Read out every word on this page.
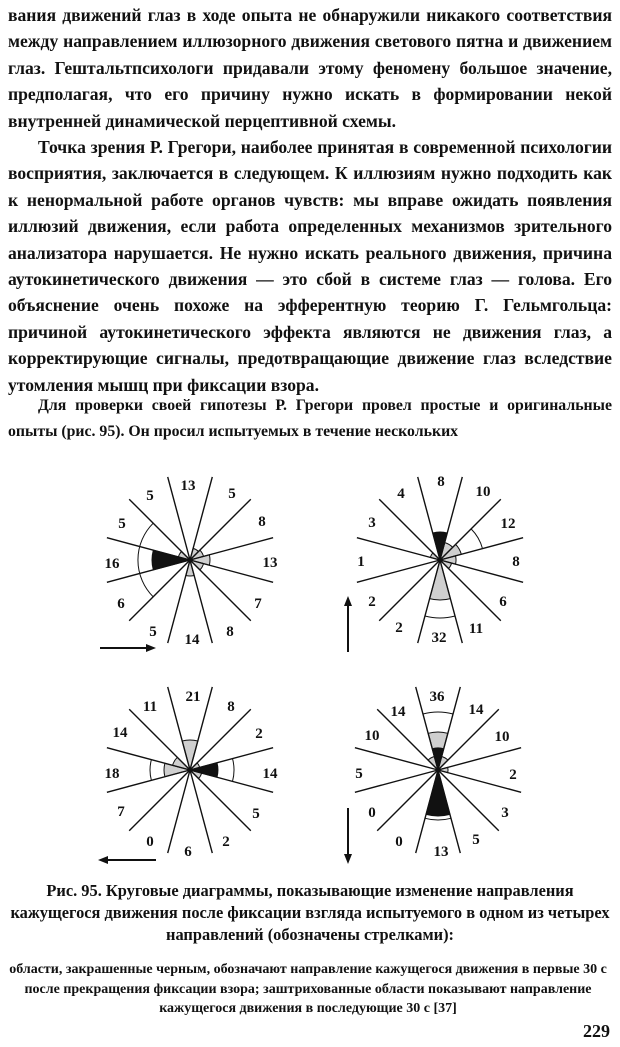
вания движений глаз в ходе опыта не обнаружили никакого соответствия между направлением иллюзорного движения светового пятна и движением глаз. Гештальтпсихологи придавали этому феномену большое значение, предполагая, что его причину нужно искать в формировании некой внутренней динамической перцептивной схемы.

Точка зрения Р. Грегори, наиболее принятая в современной психологии восприятия, заключается в следующем. К иллюзиям нужно подходить как к ненормальной работе органов чувств: мы вправе ожидать появления иллюзий движения, если работа определенных механизмов зрительного анализатора нарушается. Не нужно искать реального движения, причина аутокинетического движения — это сбой в системе глаз — голова. Его объяснение очень похоже на эфферентную теорию Г. Гельмгольца: причиной аутокинетического эффекта являются не движения глаз, а корректирующие сигналы, предотвращающие движение глаз вследствие утомления мышц при фиксации взора.

Для проверки своей гипотезы Р. Грегори провел простые и оригинальные опыты (рис. 95). Он просил испытуемых в течение нескольких

13 5
8
13
7
8
14
5
6
16
5
5
8
10
12
8
6
11
32
2
2
1
3
4
21
8
2
14
5
2
6
0
7
18
14
11
36
14
10
2
3
5
13
0
0
5
10
14

Рис. 95. Круговые диаграммы, показывающие изменение направления кажущегося движения после фиксации взгляда испытуемого в одном из четырех направлений (обозначены стрелками):

области, закрашенные черным, обозначают направление кажущегося движения в первые 30 с после прекращения фиксации взора; заштрихованные области показывают направление кажущегося движения в последующие 30 с [37]

229
